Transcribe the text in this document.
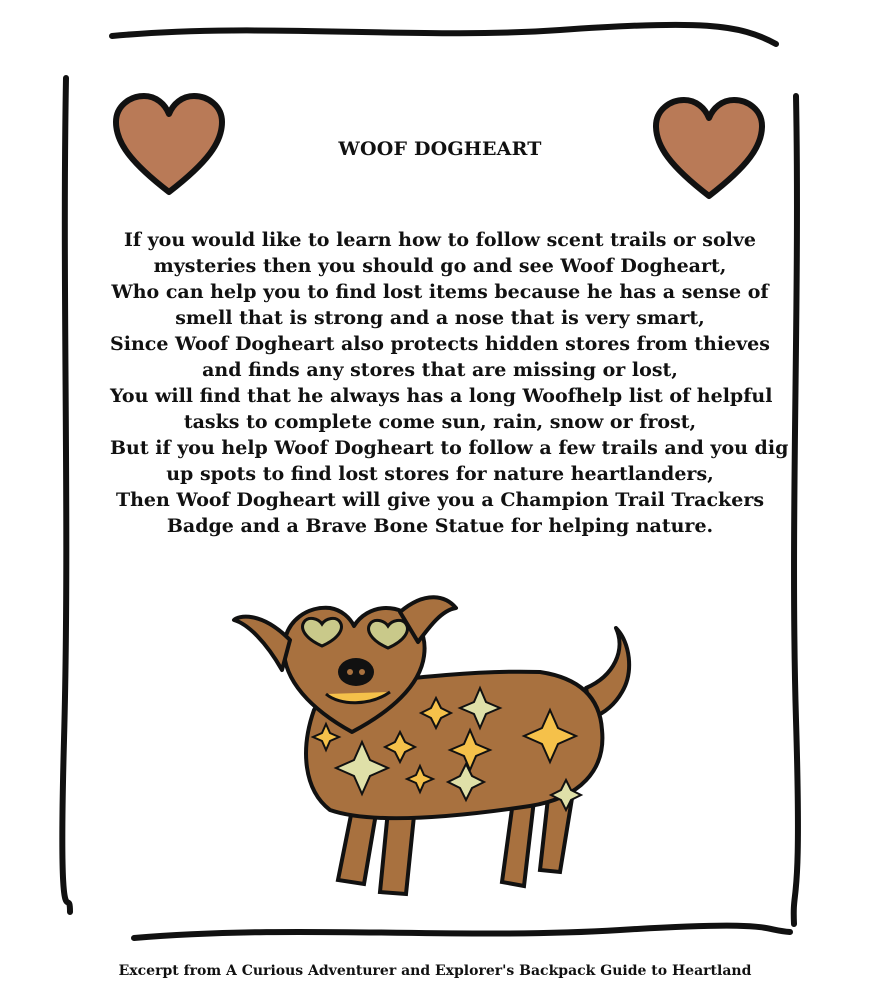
WOOF DOGHEART
If you would like to learn how to follow scent trails or solve
mysteries then you should go and see Woof Dogheart,
Who can help you to find lost items because he has a sense of
smell that is strong and a nose that is very smart,
Since Woof Dogheart also protects hidden stores from thieves
and finds any stores that are missing or lost,
You will find that he always has a long Woofhelp list of helpful
tasks to complete come sun, rain, snow or frost,
But if you help Woof Dogheart to follow a few trails and you dig
up spots to find lost stores for nature heartlanders,
Then Woof Dogheart will give you a Champion Trail Trackers
Badge and a Brave Bone Statue for helping nature.
Excerpt from A Curious Adventurer and Explorer's Backpack Guide to Heartland
